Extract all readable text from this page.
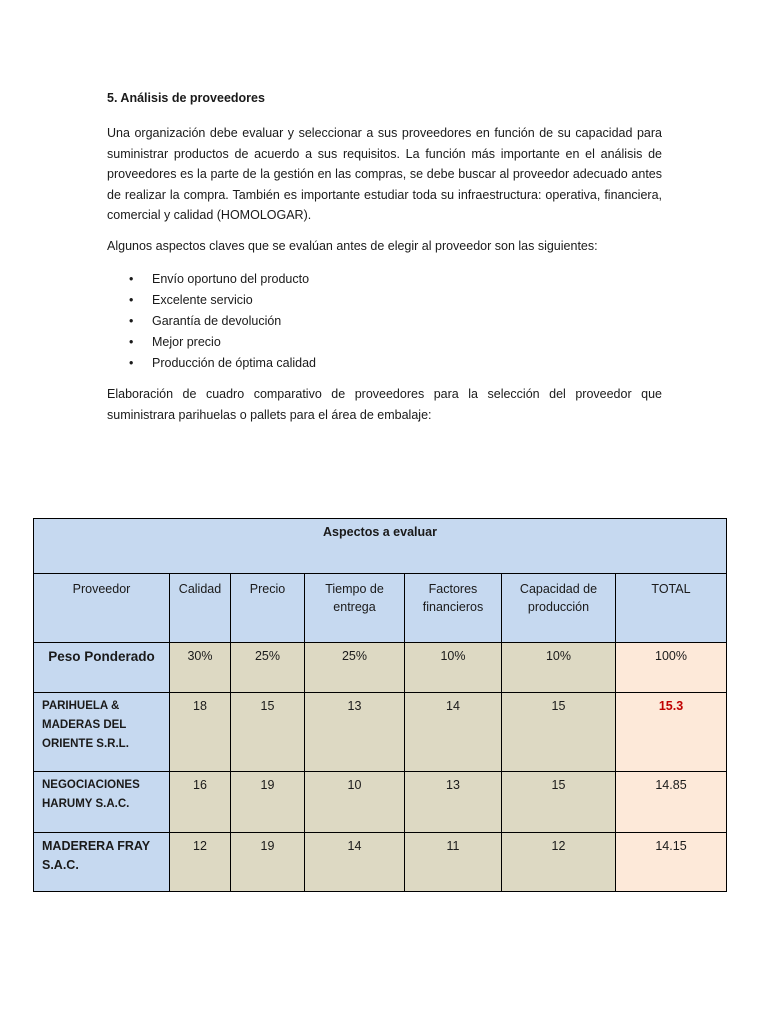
5. Análisis de proveedores

Una organización debe evaluar y seleccionar a sus proveedores en función de su capacidad para suministrar productos de acuerdo a sus requisitos. La función más importante en el análisis de proveedores es la parte de la gestión en las compras, se debe buscar al proveedor adecuado antes de realizar la compra. También es importante estudiar toda su infraestructura: operativa, financiera, comercial y calidad (HOMOLOGAR).

Algunos aspectos claves que se evalúan antes de elegir al proveedor son las siguientes:

• Envío oportuno del producto
• Excelente servicio
• Garantía de devolución
• Mejor precio
• Producción de óptima calidad

Elaboración de cuadro comparativo de proveedores para la selección del proveedor que suministrara parihuelas o pallets para el área de embalaje:

Aspectos a evaluar						
Proveedor	Calidad	Precio	Tiempo de entrega	Factores financieros	Capacidad de producción	TOTAL
Peso Ponderado	30%	25%	25%	10%	10%	100%
PARIHUELA & MADERAS DEL ORIENTE S.R.L.	18	15	13	14	15	15.3
NEGOCIACIONES HARUMY S.A.C.	16	19	10	13	15	14.85
MADERERA FRAY S.A.C.	12	19	14	11	12	14.15
